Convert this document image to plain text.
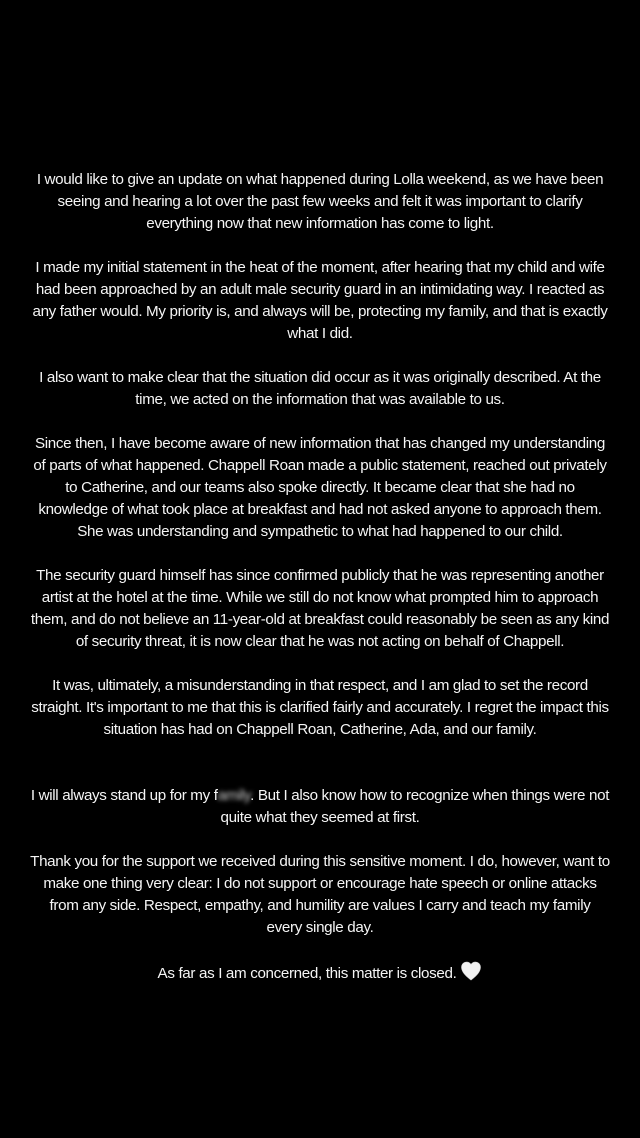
I would like to give an update on what happened during Lolla weekend, as we have been seeing and hearing a lot over the past few weeks and felt it was important to clarify everything now that new information has come to light.

I made my initial statement in the heat of the moment, after hearing that my child and wife had been approached by an adult male security guard in an intimidating way. I reacted as any father would. My priority is, and always will be, protecting my family, and that is exactly what I did.

I also want to make clear that the situation did occur as it was originally described. At the time, we acted on the information that was available to us.

Since then, I have become aware of new information that has changed my understanding of parts of what happened. Chappell Roan made a public statement, reached out privately to Catherine, and our teams also spoke directly. It became clear that she had no knowledge of what took place at breakfast and had not asked anyone to approach them. She was understanding and sympathetic to what had happened to our child.

The security guard himself has since confirmed publicly that he was representing another artist at the hotel at the time. While we still do not know what prompted him to approach them, and do not believe an 11-year-old at breakfast could reasonably be seen as any kind of security threat, it is now clear that he was not acting on behalf of Chappell.

It was, ultimately, a misunderstanding in that respect, and I am glad to set the record straight. It's important to me that this is clarified fairly and accurately. I regret the impact this situation has had on Chappell Roan, Catherine, Ada, and our family.

I will always stand up for my family. But I also know how to recognize when things were not quite what they seemed at first.

Thank you for the support we received during this sensitive moment. I do, however, want to make one thing very clear: I do not support or encourage hate speech or online attacks from any side. Respect, empathy, and humility are values I carry and teach my family every single day.

As far as I am concerned, this matter is closed.
